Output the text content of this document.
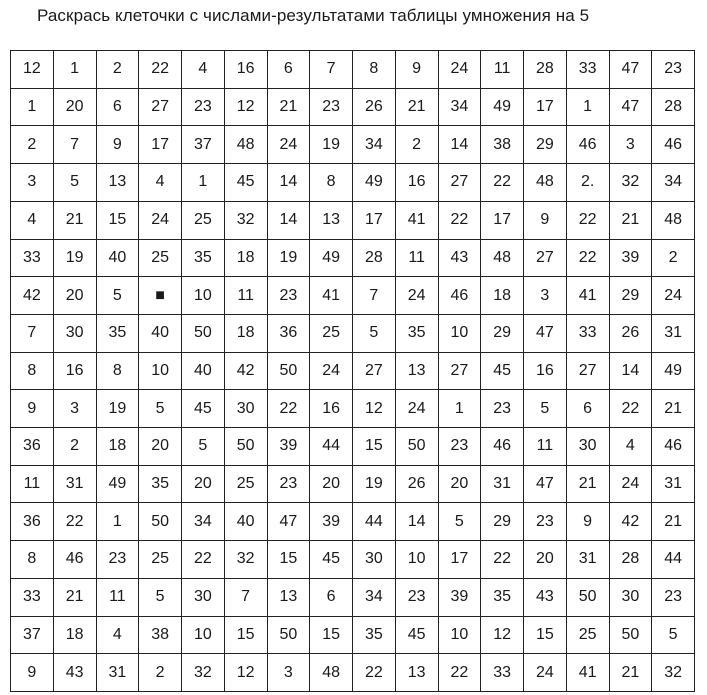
Раскрась клеточки с числами-результатами таблицы умножения на 5
12	1	2	22	4	16	6	7	8	9	24	11	28	33	47	23
1	20	6	27	23	12	21	23	26	21	34	49	17	1	47	28
2	7	9	17	37	48	24	19	34	2	14	38	29	46	3	46
3	5	13	4	1	45	14	8	49	16	27	22	48	2.	32	34
4	21	15	24	25	32	14	13	17	41	22	17	9	22	21	48
33	19	40	25	35	18	19	49	28	11	43	48	27	22	39	2
42	20	5	■	10	11	23	41	7	24	46	18	3	41	29	24
7	30	35	40	50	18	36	25	5	35	10	29	47	33	26	31
8	16	8	10	40	42	50	24	27	13	27	45	16	27	14	49
9	3	19	5	45	30	22	16	12	24	1	23	5	6	22	21
36	2	18	20	5	50	39	44	15	50	23	46	11	30	4	46
11	31	49	35	20	25	23	20	19	26	20	31	47	21	24	31
36	22	1	50	34	40	47	39	44	14	5	29	23	9	42	21
8	46	23	25	22	32	15	45	30	10	17	22	20	31	28	44
33	21	11	5	30	7	13	6	34	23	39	35	43	50	30	23
37	18	4	38	10	15	50	15	35	45	10	12	15	25	50	5
9	43	31	2	32	12	3	48	22	13	22	33	24	41	21	32
